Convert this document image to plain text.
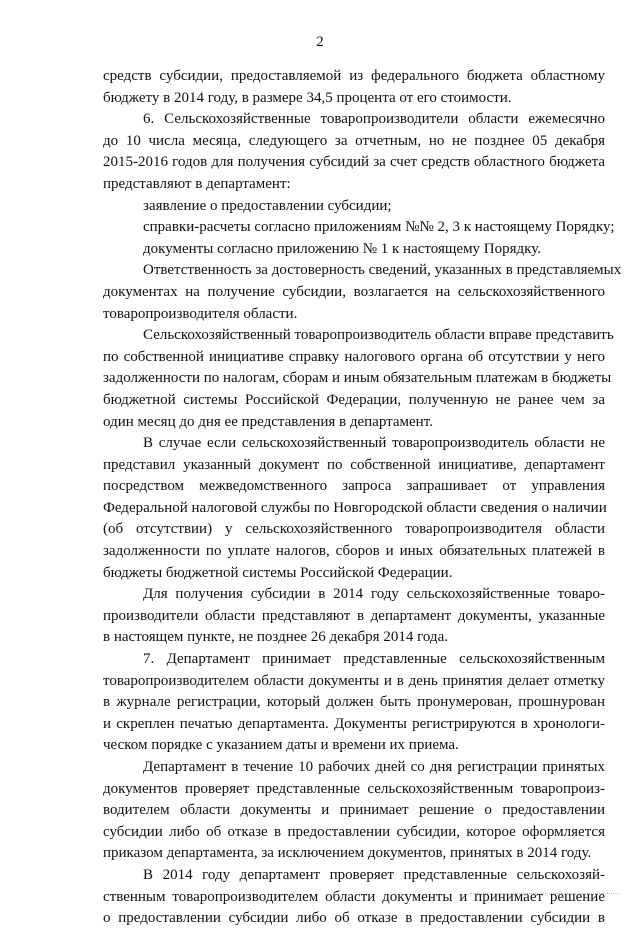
2
средств субсидии, предоставляемой из федерального бюджета областному
бюджету в 2014 году, в размере 34,5 процента от его стоимости.
6. Сельскохозяйственные товаропроизводители области ежемесячно
до 10 числа месяца, следующего за отчетным, но не позднее 05 декабря
2015-2016 годов для получения субсидий за счет средств областного бюджета
представляют в департамент:
заявление о предоставлении субсидии;
справки-расчеты согласно приложениям №№ 2, 3 к настоящему Порядку;
документы согласно приложению № 1 к настоящему Порядку.
Ответственность за достоверность сведений, указанных в представляемых
документах на получение субсидии, возлагается на сельскохозяйственного
товаропроизводителя области.
Сельскохозяйственный товаропроизводитель области вправе представить
по собственной инициативе справку налогового органа об отсутствии у него
задолженности по налогам, сборам и иным обязательным платежам в бюджеты
бюджетной системы Российской Федерации, полученную не ранее чем за
один месяц до дня ее представления в департамент.
В случае если сельскохозяйственный товаропроизводитель области не
представил указанный документ по собственной инициативе, департамент
посредством межведомственного запроса запрашивает от управления
Федеральной налоговой службы по Новгородской области сведения о наличии
(об отсутствии) у сельскохозяйственного товаропроизводителя области
задолженности по уплате налогов, сборов и иных обязательных платежей в
бюджеты бюджетной системы Российской Федерации.
Для получения субсидии в 2014 году сельскохозяйственные товаро-
производители области представляют в департамент документы, указанные
в настоящем пункте, не позднее 26 декабря 2014 года.
7. Департамент принимает представленные сельскохозяйственным
товаропроизводителем области документы и в день принятия делает отметку
в журнале регистрации, который должен быть пронумерован, прошнурован
и скреплен печатью департамента. Документы регистрируются в хронологи-
ческом порядке с указанием даты и времени их приема.
Департамент в течение 10 рабочих дней со дня регистрации принятых
документов проверяет представленные сельскохозяйственным товаропроиз-
водителем области документы и принимает решение о предоставлении
субсидии либо об отказе в предоставлении субсидии, которое оформляется
приказом департамента, за исключением документов, принятых в 2014 году.
В 2014 году департамент проверяет представленные сельскохозяй-
ственным товаропроизводителем области документы и принимает решение
о предоставлении субсидии либо об отказе в предоставлении субсидии в
